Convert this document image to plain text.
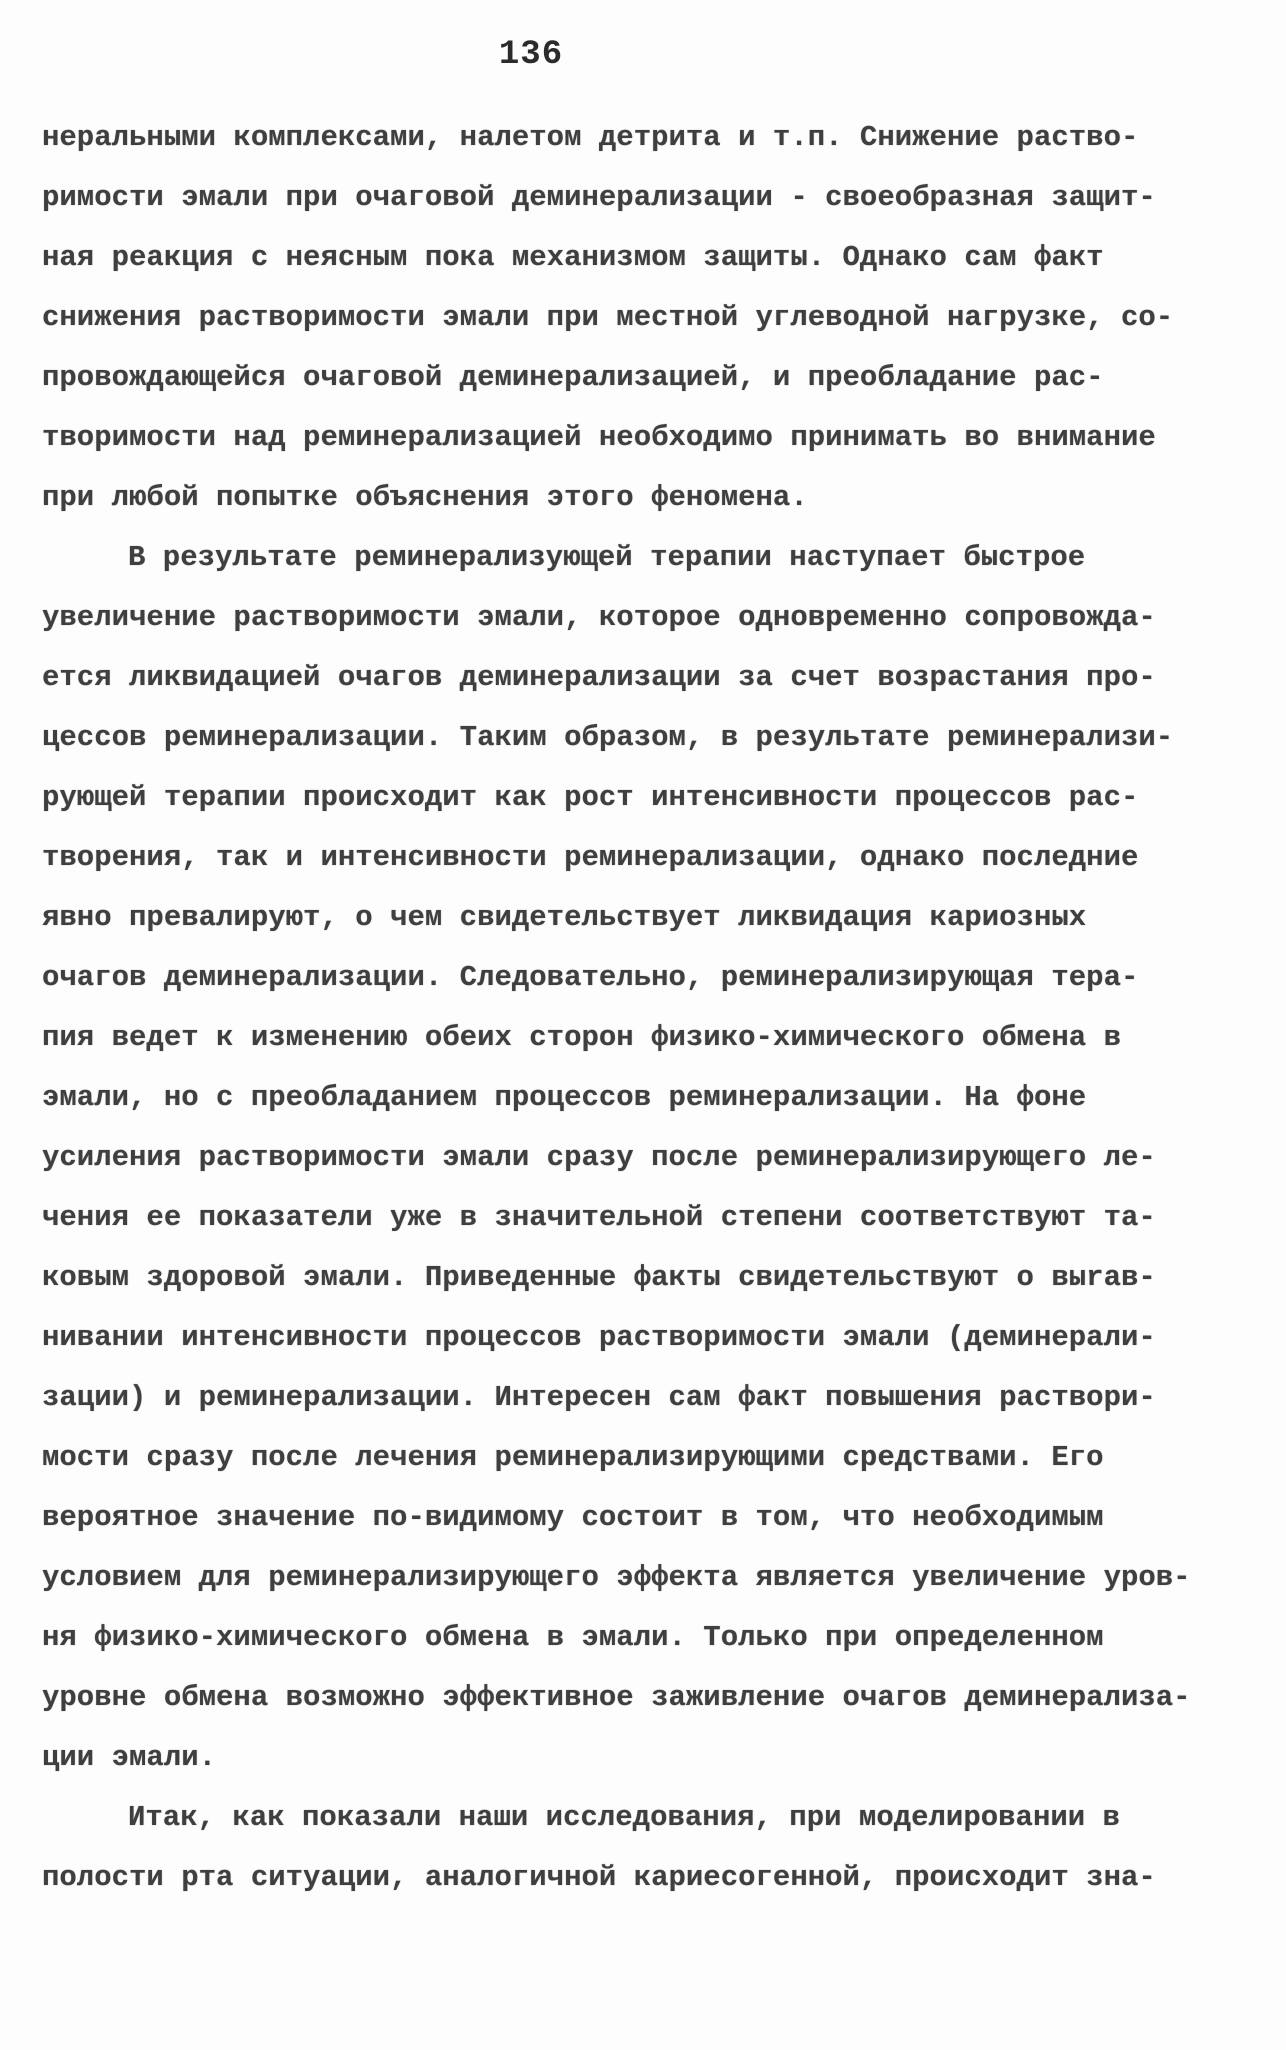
136
неральными комплексами, налетом детрита и т.п. Снижение раство-
римости эмали при очаговой деминерализации - своеобразная защит-
ная реакция с неясным пока механизмом защиты. Однако сам факт
снижения растворимости эмали при местной углеводной нагрузке, со-
провождающейся очаговой деминерализацией, и преобладание рас-
творимости над реминерализацией необходимо принимать во внимание
при любой попытке объяснения этого феномена.
В результате реминерализующей терапии наступает быстрое
увеличение растворимости эмали, которое одновременно сопровожда-
ется ликвидацией очагов деминерализации за счет возрастания про-
цессов реминерализации. Таким образом, в результате реминерализи-
рующей терапии происходит как рост интенсивности процессов рас-
творения, так и интенсивности реминерализации, однако последние
явно превалируют, о чем свидетельствует ликвидация кариозных
очагов деминерализации. Следовательно, реминерализирующая тера-
пия ведет к изменению обеих сторон физико-химического обмена в
эмали, но с преобладанием процессов реминерализации. На фоне
усиления растворимости эмали сразу после реминерализирующего ле-
чения ее показатели уже в значительной степени соответствуют та-
ковым здоровой эмали. Приведенные факты свидетельствуют о выrав-
нивании интенсивности процессов растворимости эмали (деминерали-
зации) и реминерализации. Интересен сам факт повышения раствори-
мости сразу после лечения реминерализирующими средствами. Его
вероятное значение по-видимому состоит в том, что необходимым
условием для реминерализирующего эффекта является увеличение уров-
ня физико-химического обмена в эмали. Только при определенном
уровне обмена возможно эффективное заживление очагов деминерализа-
ции эмали.
Итак, как показали наши исследования, при моделировании в
полости рта ситуации, аналогичной кариесогенной, происходит зна-
